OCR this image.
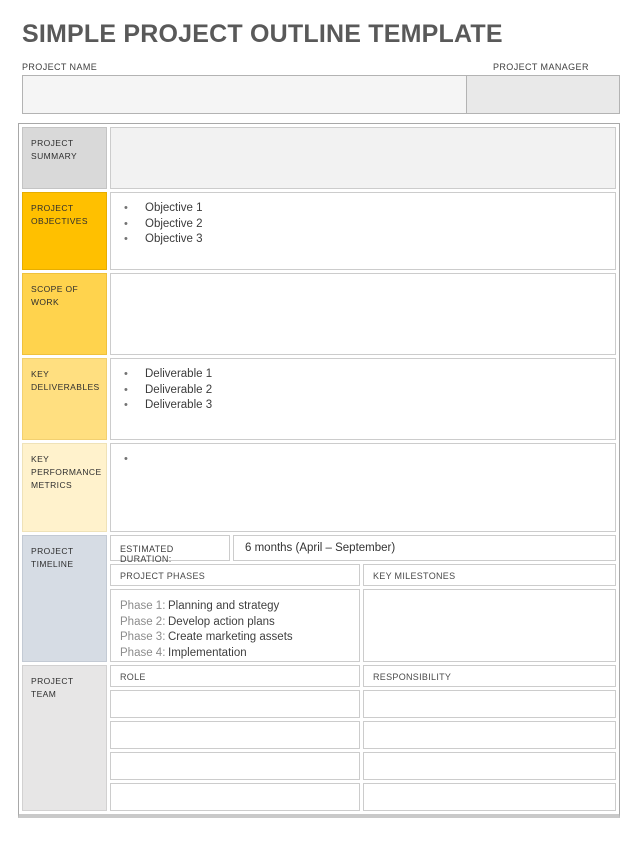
SIMPLE PROJECT OUTLINE TEMPLATE
PROJECT NAME	PROJECT MANAGER
PROJECT SUMMARY
PROJECT OBJECTIVES
• Objective 1
• Objective 2
• Objective 3
SCOPE OF WORK
KEY DELIVERABLES
• Deliverable 1
• Deliverable 2
• Deliverable 3
KEY PERFORMANCE METRICS
PROJECT TIMELINE
ESTIMATED DURATION:
6 months (April – September)
PROJECT PHASES	KEY MILESTONES
Phase 1: Planning and strategy
Phase 2: Develop action plans
Phase 3: Create marketing assets
Phase 4: Implementation
PROJECT TEAM
ROLE	RESPONSIBILITY
